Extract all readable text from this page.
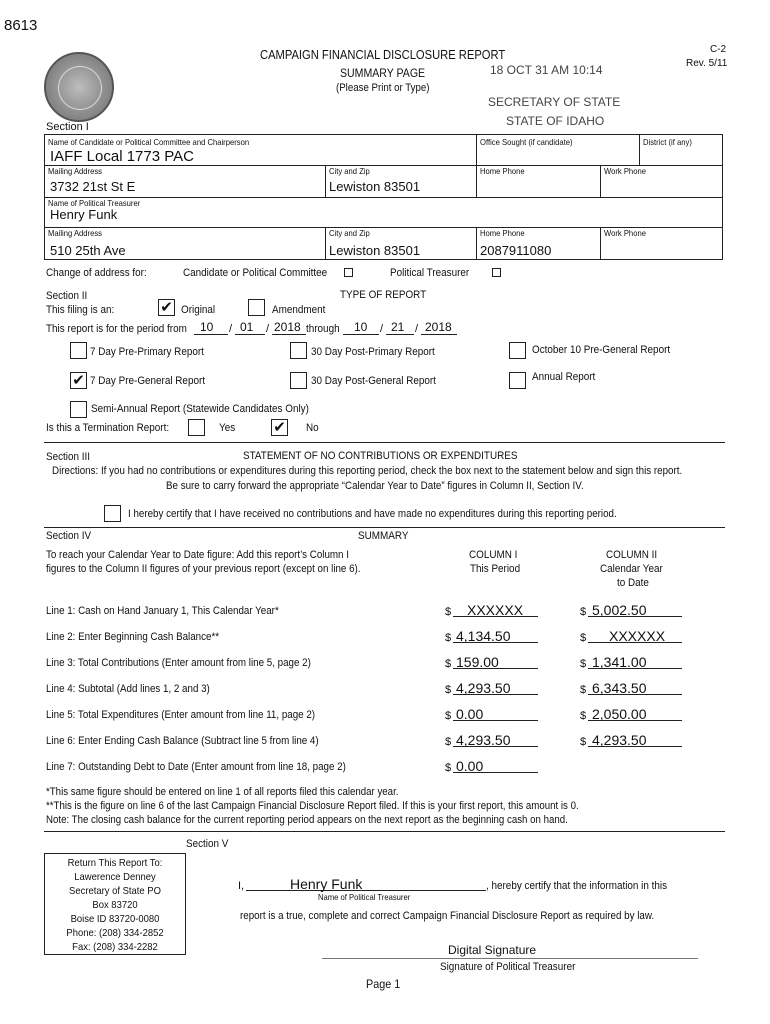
8613
CAMPAIGN FINANCIAL DISCLOSURE REPORT
SUMMARY PAGE
(Please Print or Type)
C-2
Rev. 5/11
18 OCT 31 AM 10:14
SECRETARY OF STATE
STATE OF IDAHO
Section I
Name of Candidate or Political Committee and Chairperson
IAFF Local 1773 PAC
Office Sought (if candidate)	District (if any)
Mailing Address
3732 21st St E
City and Zip
Lewiston 83501
Home Phone	Work Phone
Name of Political Treasurer
Henry Funk
Mailing Address
510 25th Ave
City and Zip
Lewiston 83501
Home Phone
2087911080
Work Phone
Change of address for:	Candidate or Political Committee	Political Treasurer
Section II	TYPE OF REPORT
This filing is an:	✔ Original	Amendment
This report is for the period from 10 / 01 / 2018 through 10 / 21 / 2018
7 Day Pre-Primary Report	30 Day Post-Primary Report	October 10 Pre-General Report
✔ 7 Day Pre-General Report	30 Day Post-General Report	Annual Report
Semi-Annual Report (Statewide Candidates Only)
Is this a Termination Report:	Yes	✔ No
Section III	STATEMENT OF NO CONTRIBUTIONS OR EXPENDITURES
Directions: If you had no contributions or expenditures during this reporting period, check the box next to the statement below and sign this report.
Be sure to carry forward the appropriate “Calendar Year to Date” figures in Column II, Section IV.
I hereby certify that I have received no contributions and have made no expenditures during this reporting period.
Section IV	SUMMARY
To reach your Calendar Year to Date figure: Add this report’s Column I
figures to the Column II figures of your previous report (except on line 6).
COLUMN I
This Period
COLUMN II
Calendar Year
to Date
Line 1: Cash on Hand January 1, This Calendar Year*	$ XXXXXX	$ 5,002.50
Line 2: Enter Beginning Cash Balance**	$ 4,134.50	$ XXXXXX
Line 3: Total Contributions (Enter amount from line 5, page 2)	$ 159.00	$ 1,341.00
Line 4: Subtotal (Add lines 1, 2 and 3)	$ 4,293.50	$ 6,343.50
Line 5: Total Expenditures (Enter amount from line 11, page 2)	$ 0.00	$ 2,050.00
Line 6: Enter Ending Cash Balance (Subtract line 5 from line 4)	$ 4,293.50	$ 4,293.50
Line 7: Outstanding Debt to Date (Enter amount from line 18, page 2)	$ 0.00
*This same figure should be entered on line 1 of all reports filed this calendar year.
**This is the figure on line 6 of the last Campaign Financial Disclosure Report filed. If this is your first report, this amount is 0.
Note: The closing cash balance for the current reporting period appears on the next report as the beginning cash on hand.
Section V
Return This Report To:
Lawerence Denney
Secretary of State PO
Box 83720
Boise ID 83720-0080
Phone: (208) 334-2852
Fax: (208) 334-2282
I,	Henry Funk	, hereby certify that the information in this
Name of Political Treasurer
report is a true, complete and correct Campaign Financial Disclosure Report as required by law.
Digital Signature
Signature of Political Treasurer
Page 1
